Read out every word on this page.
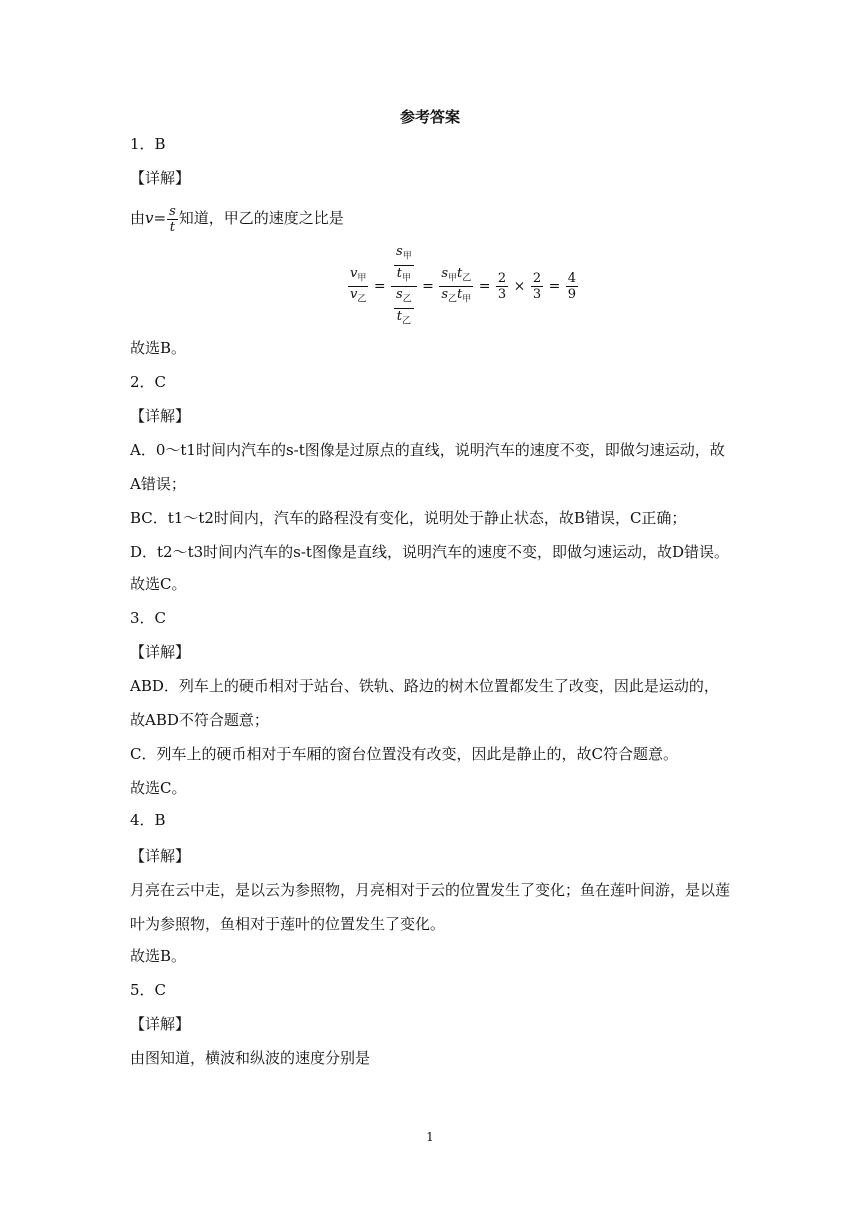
参考答案
1．B
【详解】
由$v= \frac{s}{t}$ 知道，甲乙的速度之比是
$\frac{v_甲}{v_乙} = \frac{\frac{s_甲}{t_甲}}{\frac{s_乙}{t_乙}} = \frac{s_甲t_乙}{s_乙t_甲} = \frac{2}{3} \times \frac{2}{3} = \frac{4}{9}$
故选B。
2．C
【详解】
A．0～t1时间内汽车的s-t图像是过原点的直线，说明汽车的速度不变，即做匀速运动，故
A错误；
BC．t1～t2时间内，汽车的路程没有变化，说明处于静止状态，故B错误，C正确；
D．t2～t3时间内汽车的s-t图像是直线，说明汽车的速度不变，即做匀速运动，故D错误。
故选C。
3．C
【详解】
ABD．列车上的硬币相对于站台、铁轨、路边的树木位置都发生了改变，因此是运动的，
故ABD不符合题意；
C．列车上的硬币相对于车厢的窗台位置没有改变，因此是静止的，故C符合题意。
故选C。
4．B
【详解】
月亮在云中走，是以云为参照物，月亮相对于云的位置发生了变化；鱼在莲叶间游，是以莲
叶为参照物，鱼相对于莲叶的位置发生了变化。
故选B。
5．C
【详解】
由图知道，横波和纵波的速度分别是
1
